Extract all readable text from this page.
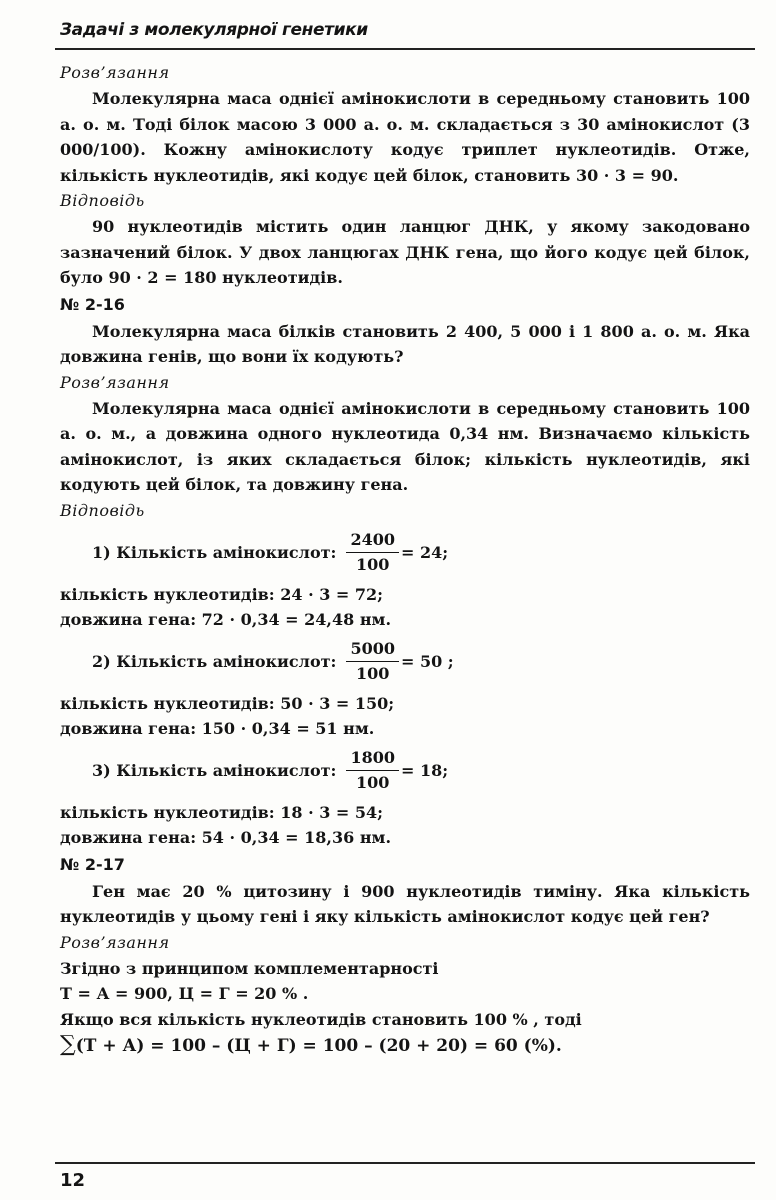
Задачі з молекулярної генетики

Розв’язання

Молекулярна маса однієї амінокислоти в середньому становить 100 а. о. м. Тоді білок масою 3 000 а. о. м. складається з 30 амінокислот (3 000/100). Кожну амінокислоту кодує триплет нуклеотидів. Отже, кількість нуклеотидів, які кодує цей білок, становить 30 · 3 = 90.

Відповідь

90 нуклеотидів містить один ланцюг ДНК, у якому закодовано зазначений білок. У двох ланцюгах ДНК гена, що його кодує цей білок, було 90 · 2 = 180 нуклеотидів.

№ 2-16

Молекулярна маса білків становить 2 400, 5 000 і 1 800 а. о. м. Яка довжина генів, що вони їх кодують?

Розв’язання

Молекулярна маса однієї амінокислоти в середньому становить 100 а. о. м., а довжина одного нуклеотида 0,34 нм. Визначаємо кількість амінокислот, із яких складається білок; кількість нуклеотидів, які кодують цей білок, та довжину гена.

Відповідь

1) Кількість амінокислот: $\frac{2400}{100} = 24$;

кількість нуклеотидів: 24 · 3 = 72;

довжина гена: 72 · 0,34 = 24,48 нм.

2) Кількість амінокислот: $\frac{5000}{100} = 50$ ;

кількість нуклеотидів: 50 · 3 = 150;

довжина гена: 150 · 0,34 = 51 нм.

3) Кількість амінокислот: $\frac{1800}{100} = 18$;

кількість нуклеотидів: 18 · 3 = 54;

довжина гена: 54 · 0,34 = 18,36 нм.

№ 2-17

Ген має 20 % цитозину і 900 нуклеотидів тиміну. Яка кількість нуклеотидів у цьому гені і яку кількість амінокислот кодує цей ген?

Розв’язання

Згідно з принципом комплементарності

Т = А = 900, Ц = Г = 20 % .

Якщо вся кількість нуклеотидів становить 100 % , тоді

∑(Т + А) = 100 – (Ц + Г) = 100 – (20 + 20) = 60 (%).

12
